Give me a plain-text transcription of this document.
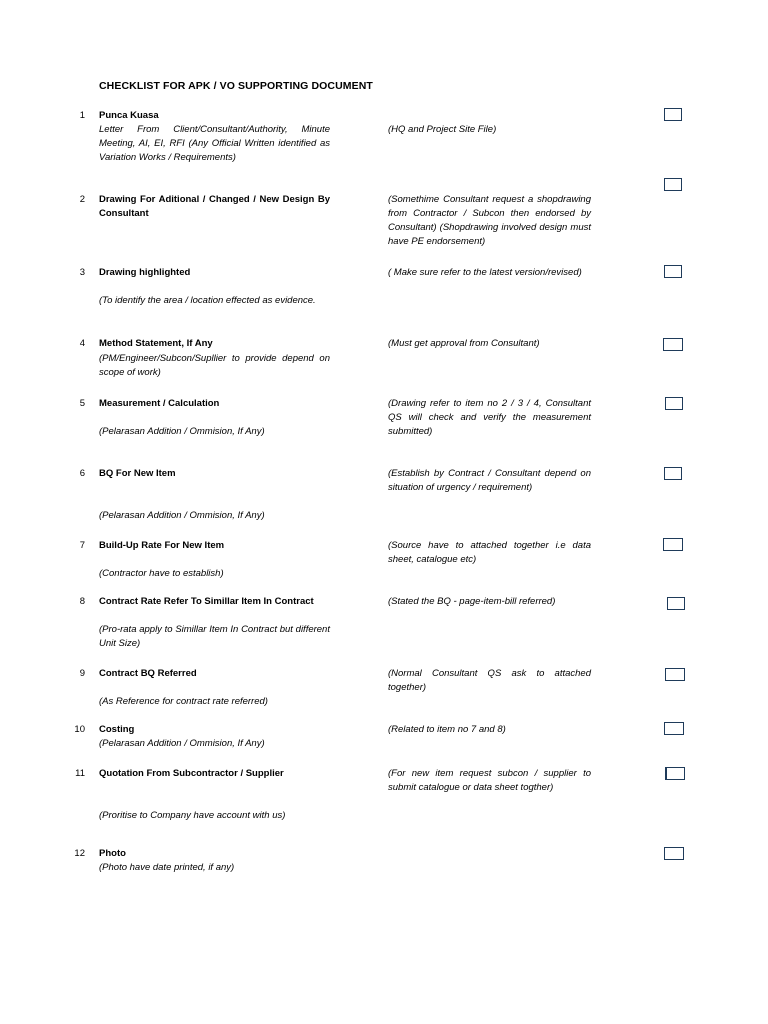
CHECKLIST FOR APK / VO SUPPORTING DOCUMENT
1 Punca Kuasa
Letter From Client/Consultant/Authority, Minute Meeting, AI, EI, RFI (Any Official Written identified as Variation Works / Requirements)
(HQ and Project Site File)
2 Drawing For Aditional / Changed / New Design By Consultant
(Somethime Consultant request a shopdrawing from Contractor / Subcon then endorsed by Consultant) (Shopdrawing involved design must have PE endorsement)
3 Drawing highlighted
(To identify the area / location effected as evidence.
( Make sure refer to the latest version/revised)
4 Method Statement, If Any
(PM/Engineer/Subcon/Supllier to provide depend on scope of work)
(Must get approval from Consultant)
5 Measurement / Calculation
(Pelarasan Addition / Ommision, If Any)
(Drawing refer to item no 2 / 3 / 4, Consultant QS will check and verify the measurement submitted)
6 BQ For New Item
(Pelarasan Addition / Ommision, If Any)
(Establish by Contract / Consultant depend on situation of urgency / requirement)
7 Build-Up Rate For New Item
(Contractor have to establish)
(Source have to attached together i.e data sheet, catalogue etc)
8 Contract Rate Refer To Simillar Item In Contract
(Pro-rata apply to Simillar Item In Contract but different Unit Size)
(Stated the BQ - page-item-bill referred)
9 Contract BQ Referred
(As Reference for contract rate referred)
(Normal Consultant QS ask to attached together)
10 Costing
(Pelarasan Addition / Ommision, If Any)
(Related to item no 7 and 8)
11 Quotation From Subcontractor / Supplier
(Proritise to Company have account with us)
(For new item request subcon / supplier to submit catalogue or data sheet togther)
12 Photo
(Photo have date printed, if any)
